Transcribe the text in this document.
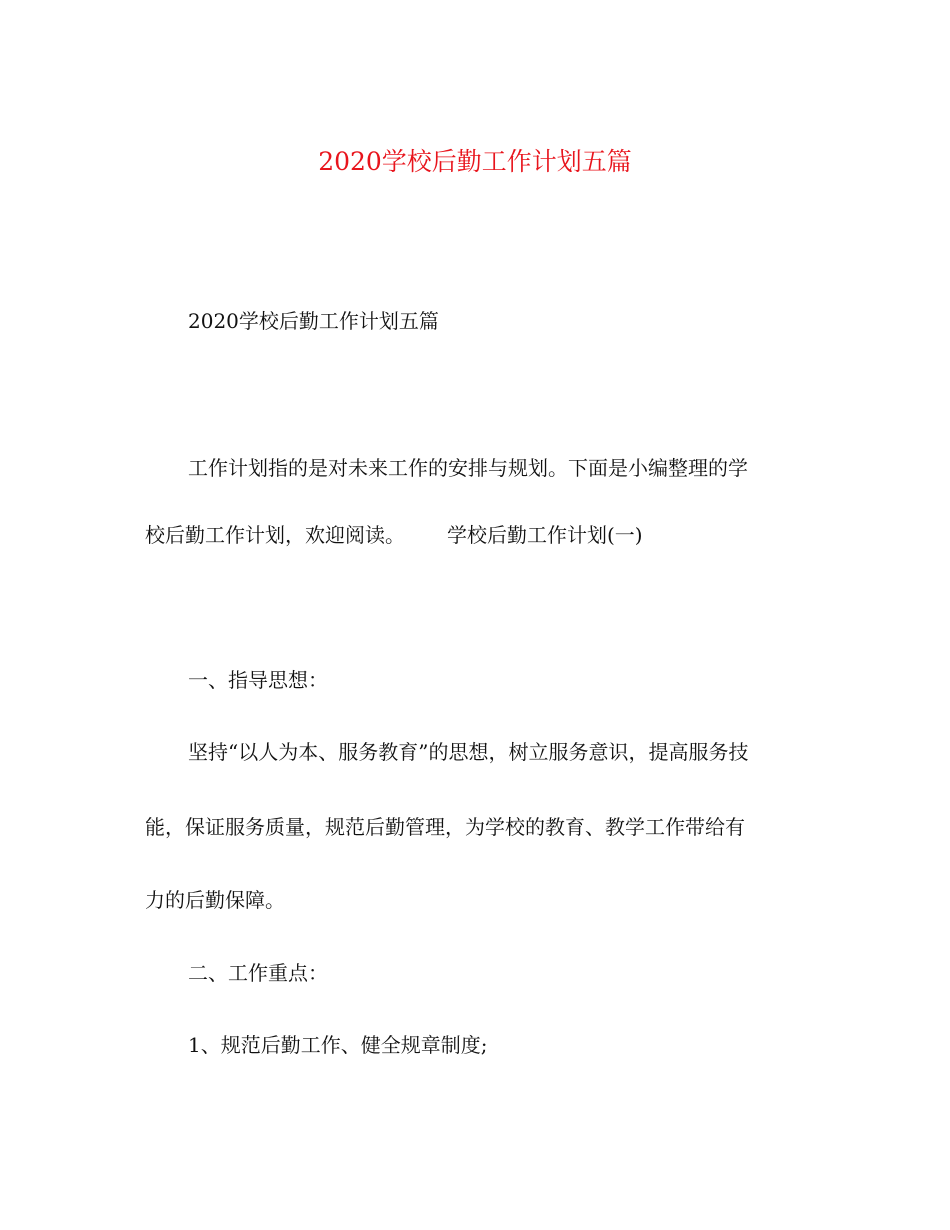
2020学校后勤工作计划五篇
2020学校后勤工作计划五篇
工作计划指的是对未来工作的安排与规划。下面是小编整理的学
校后勤工作计划，欢迎阅读。 学校后勤工作计划(一)
一、指导思想：
坚持“以人为本、服务教育”的思想，树立服务意识，提高服务技
能，保证服务质量，规范后勤管理，为学校的教育、教学工作带给有
力的后勤保障。
二、工作重点：
1、规范后勤工作、健全规章制度;
